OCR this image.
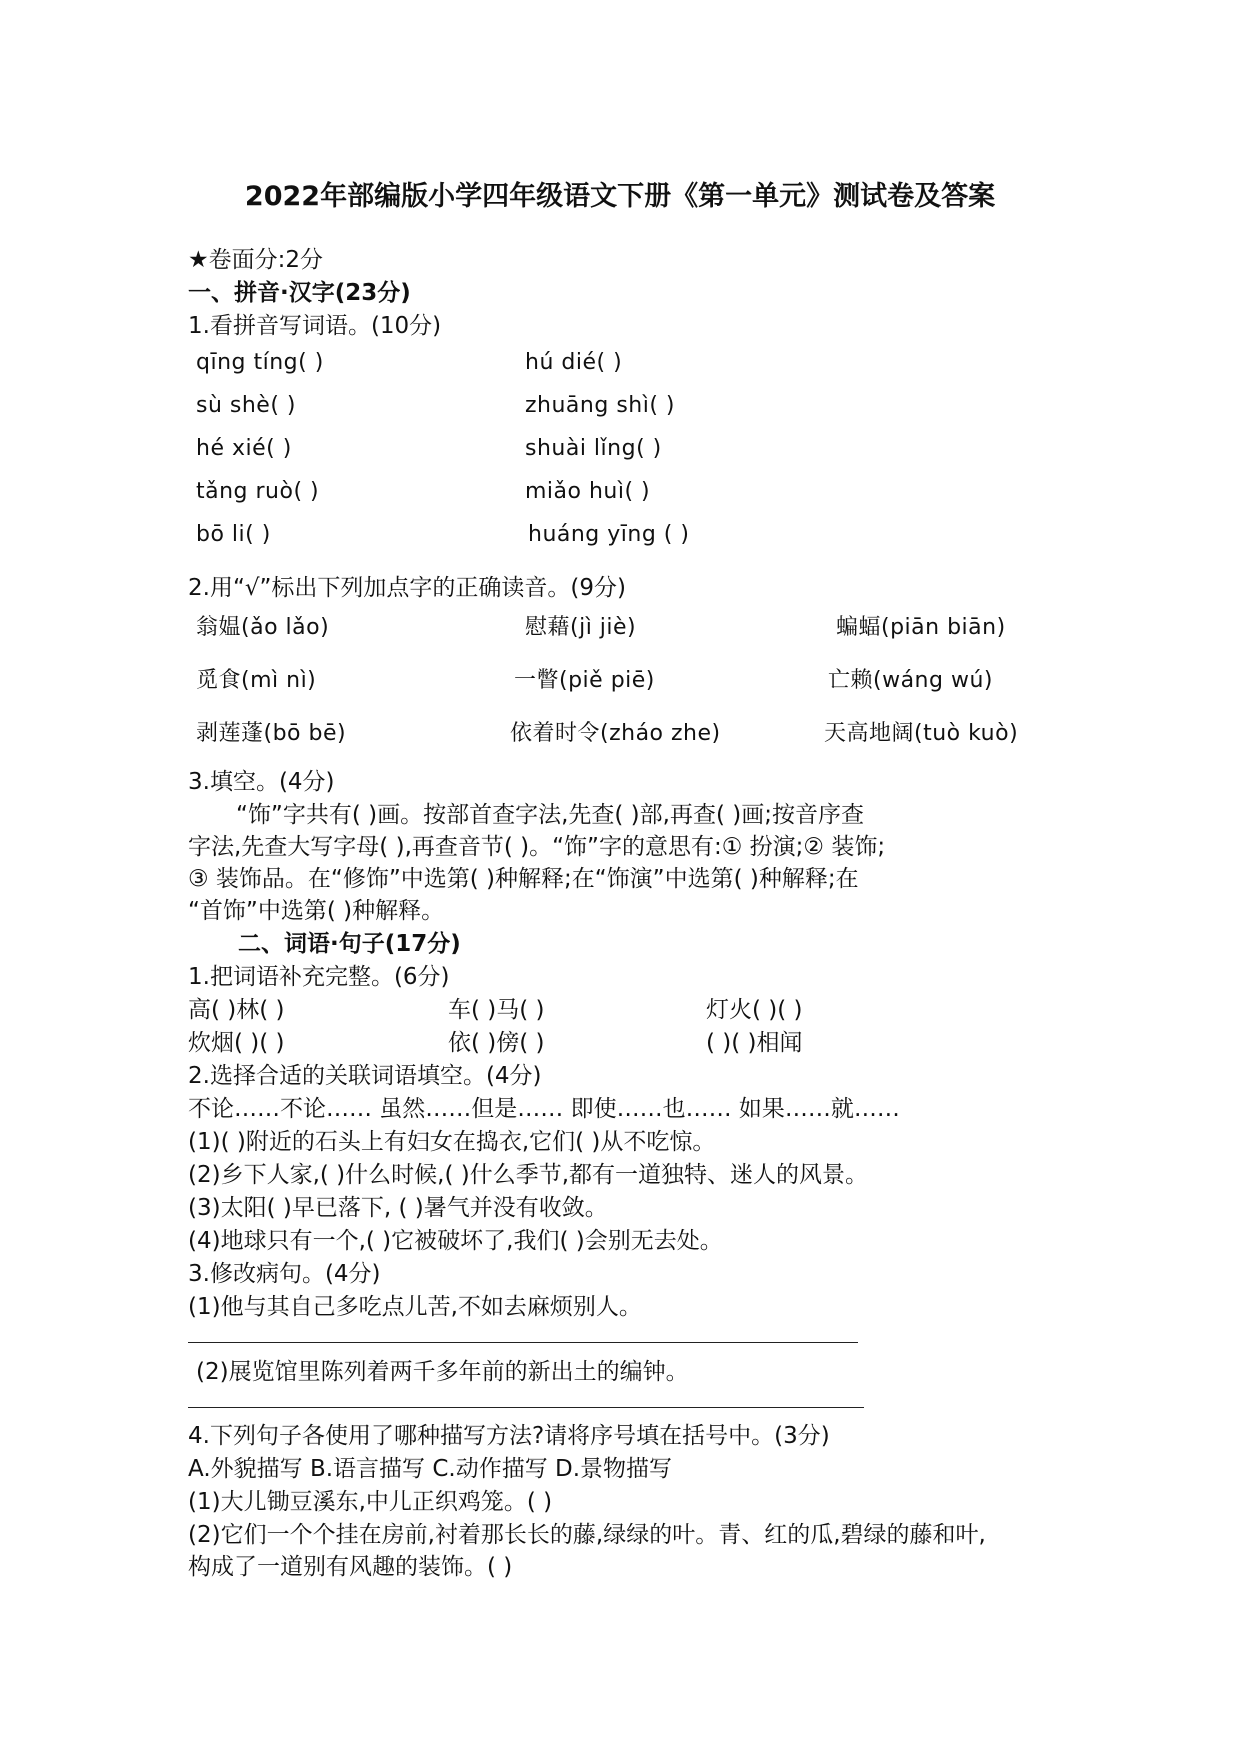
2022年部编版小学四年级语文下册《第一单元》测试卷及答案
★卷面分:2分
一、拼音·汉字(23分)
1.看拼音写词语。(10分)
qīng tíng( )	hú dié( )
sù shè( )	zhuāng shì( )
hé xié( )	shuài lǐng( )
tǎng ruò( )	miǎo huì( )
bō li( )	huáng yīng ( )
2.用“√”标出下列加点字的正确读音。(9分)
翁媪(ǎo lǎo)	慰藉(jì jiè)	蝙蝠(piān biān)
觅食(mì nì)	一瞥(piě piē)	亡赖(wáng wú)
剥莲蓬(bō bē)	依着时令(zháo zhe)	天高地阔(tuò kuò)
3.填空。(4分)
“饰”字共有( )画。按部首查字法,先查( )部,再查( )画;按音序查
字法,先查大写字母( ),再查音节( )。“饰”字的意思有:① 扮演;② 装饰;
③ 装饰品。在“修饰”中选第( )种解释;在“饰演”中选第( )种解释;在
“首饰”中选第( )种解释。
二、词语·句子(17分)
1.把词语补充完整。(6分)
高( )林( )	车( )马( )	灯火( )( )
炊烟( )( )	依( )傍( )	( )( )相闻
2.选择合适的关联词语填空。(4分)
不论……不论…… 虽然……但是…… 即使……也…… 如果……就……
(1)( )附近的石头上有妇女在捣衣,它们( )从不吃惊。
(2)乡下人家,( )什么时候,( )什么季节,都有一道独特、迷人的风景。
(3)太阳( )早已落下, ( )暑气并没有收敛。
(4)地球只有一个,( )它被破坏了,我们( )会别无去处。
3.修改病句。(4分)
(1)他与其自己多吃点儿苦,不如去麻烦别人。
(2)展览馆里陈列着两千多年前的新出土的编钟。
4.下列句子各使用了哪种描写方法?请将序号填在括号中。(3分)
A.外貌描写 B.语言描写 C.动作描写 D.景物描写
(1)大儿锄豆溪东,中儿正织鸡笼。( )
(2)它们一个个挂在房前,衬着那长长的藤,绿绿的叶。青、红的瓜,碧绿的藤和叶,
构成了一道别有风趣的装饰。( )
